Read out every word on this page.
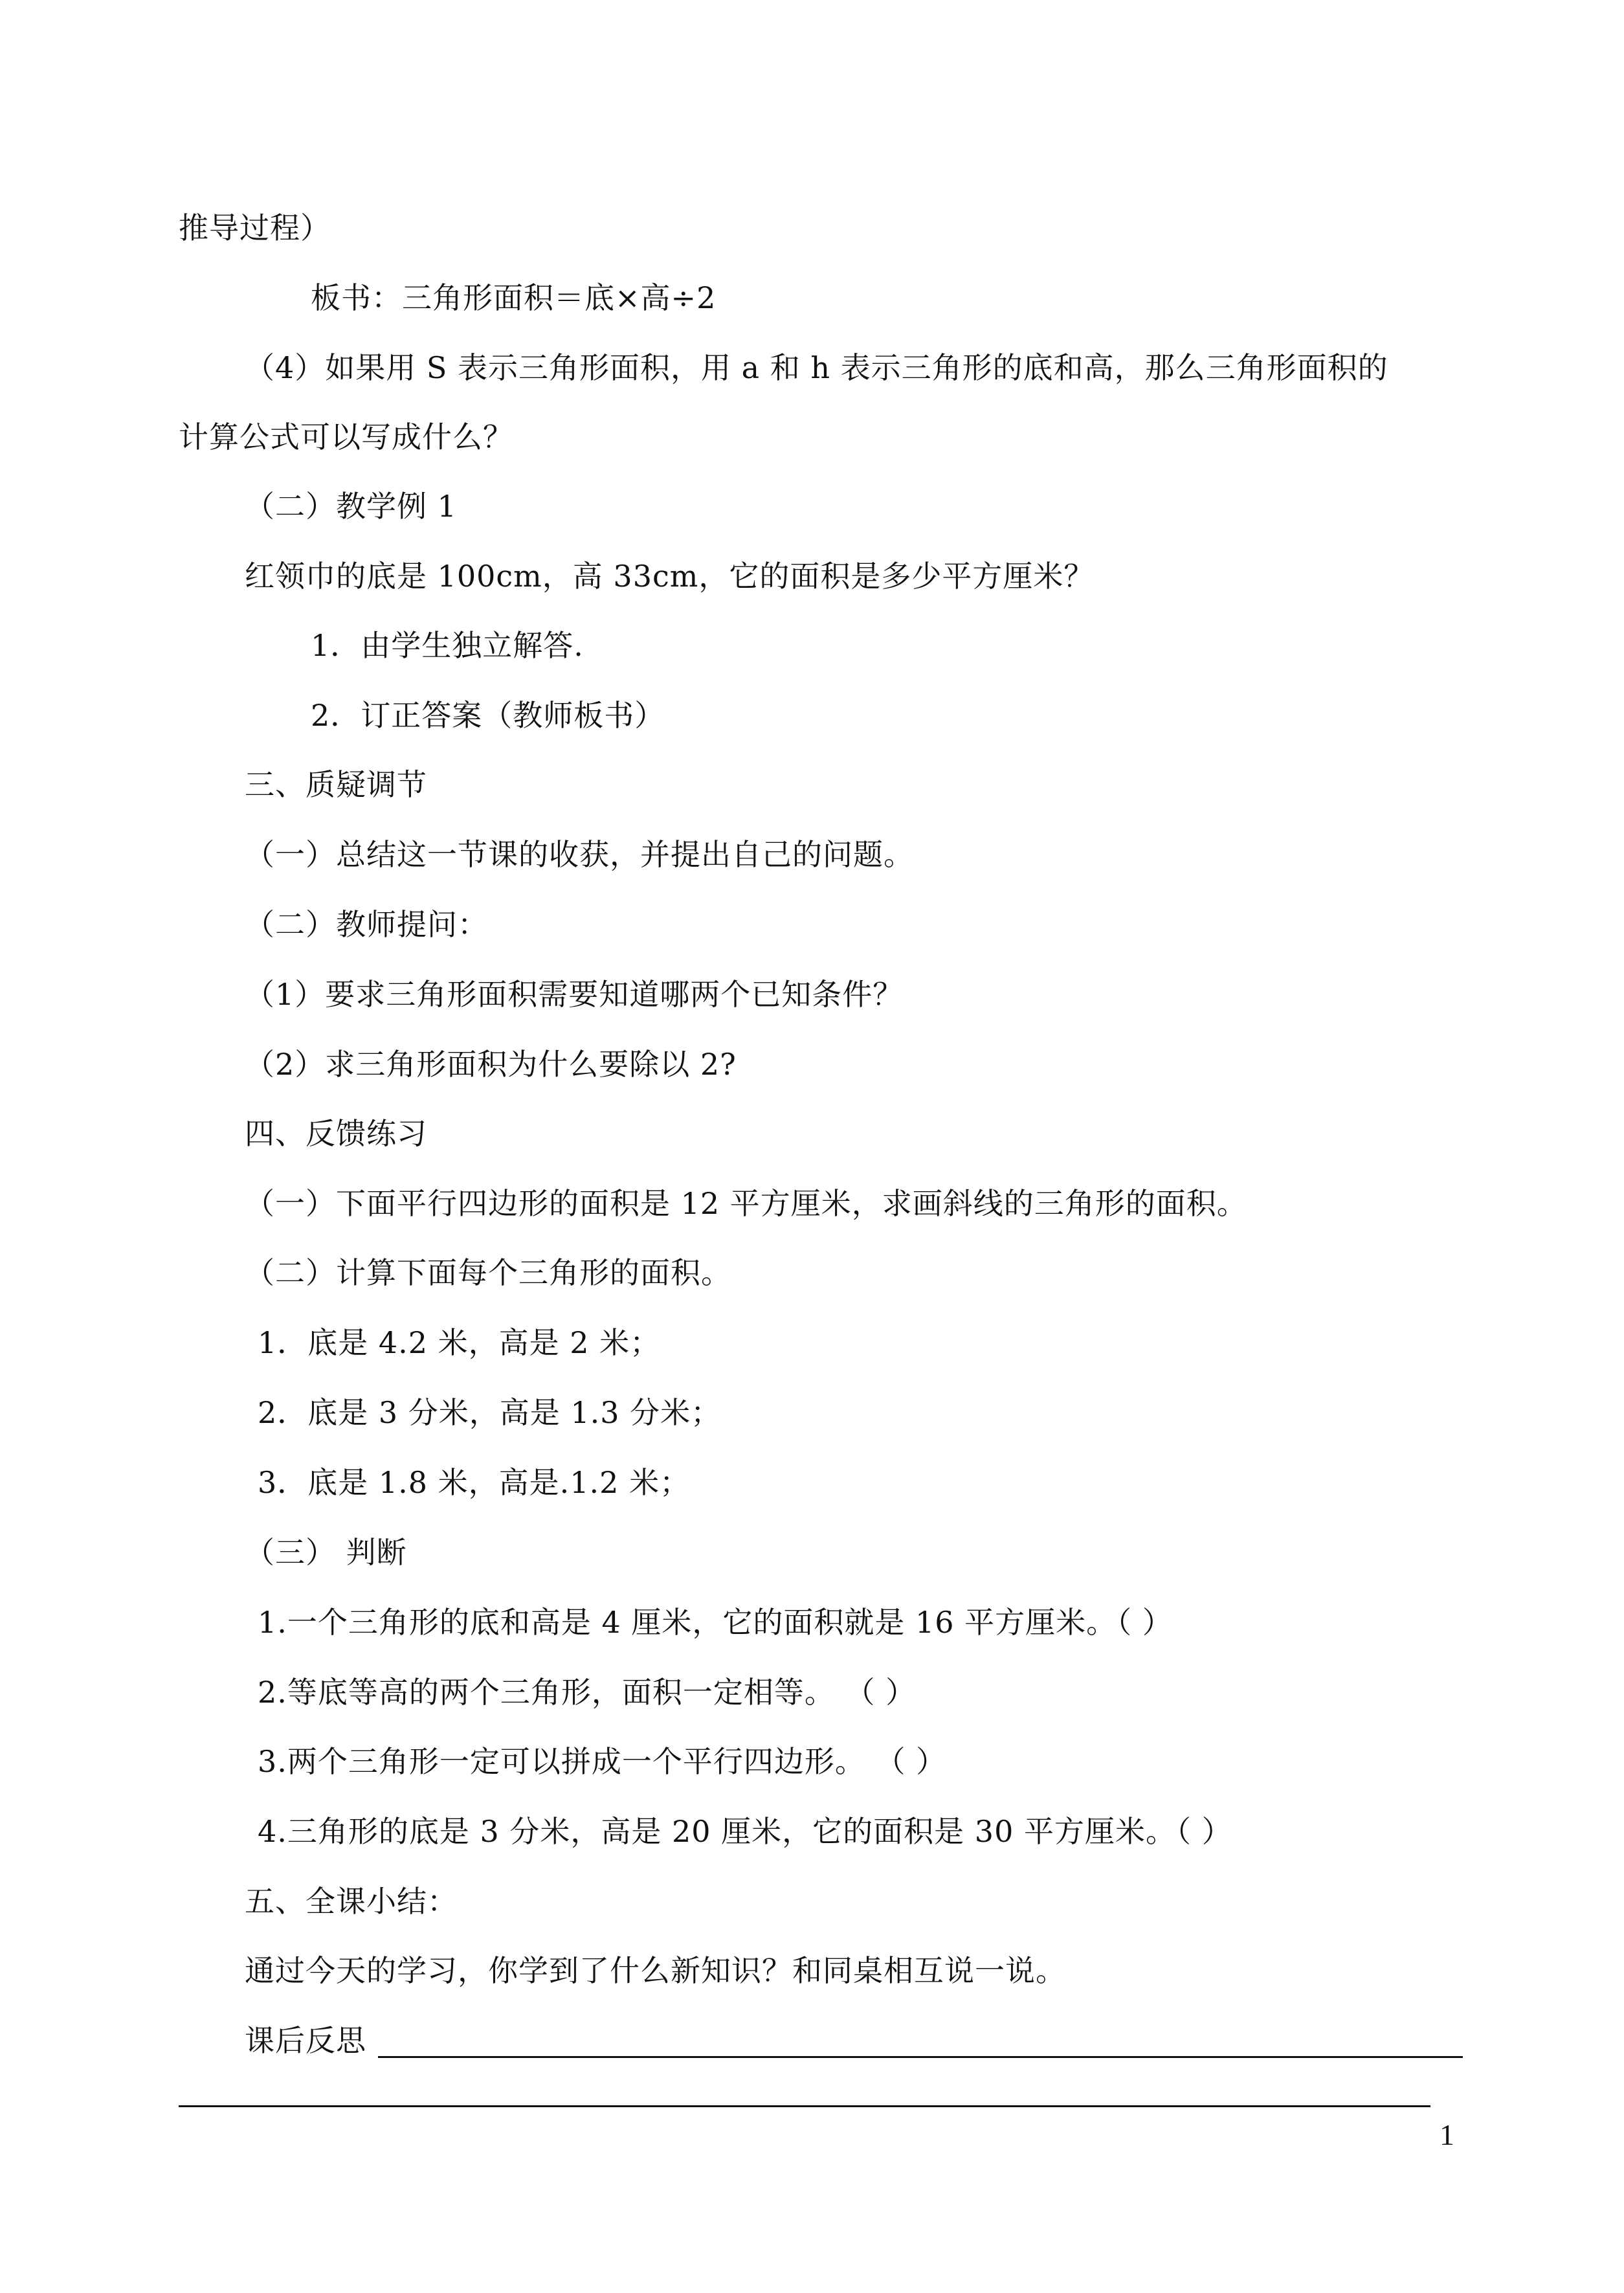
推导过程）
板书：三角形面积＝底×高÷2
（4）如果用 S 表示三角形面积，用 a 和 h 表示三角形的底和高，那么三角形面积的
计算公式可以写成什么？
（二）教学例 1
红领巾的底是 100cm，高 33cm，它的面积是多少平方厘米？
1．由学生独立解答.
2．订正答案（教师板书）
三、质疑调节
（一）总结这一节课的收获，并提出自己的问题。
（二）教师提问：
（1）要求三角形面积需要知道哪两个已知条件？
（2）求三角形面积为什么要除以 2?
四、反馈练习
（一）下面平行四边形的面积是 12 平方厘米，求画斜线的三角形的面积。
（二）计算下面每个三角形的面积。
1．底是 4.2 米，高是 2 米；
2．底是 3 分米，高是 1.3 分米；
3．底是 1.8 米，高是.1.2 米；
（三） 判断
1.一个三角形的底和高是 4 厘米，它的面积就是 16 平方厘米。（ ）
2.等底等高的两个三角形，面积一定相等。 （ ）
3.两个三角形一定可以拼成一个平行四边形。 （ ）
4.三角形的底是 3 分米，高是 20 厘米，它的面积是 30 平方厘米。（ ）
五、全课小结：
通过今天的学习，你学到了什么新知识？和同桌相互说一说。
课后反思
1
